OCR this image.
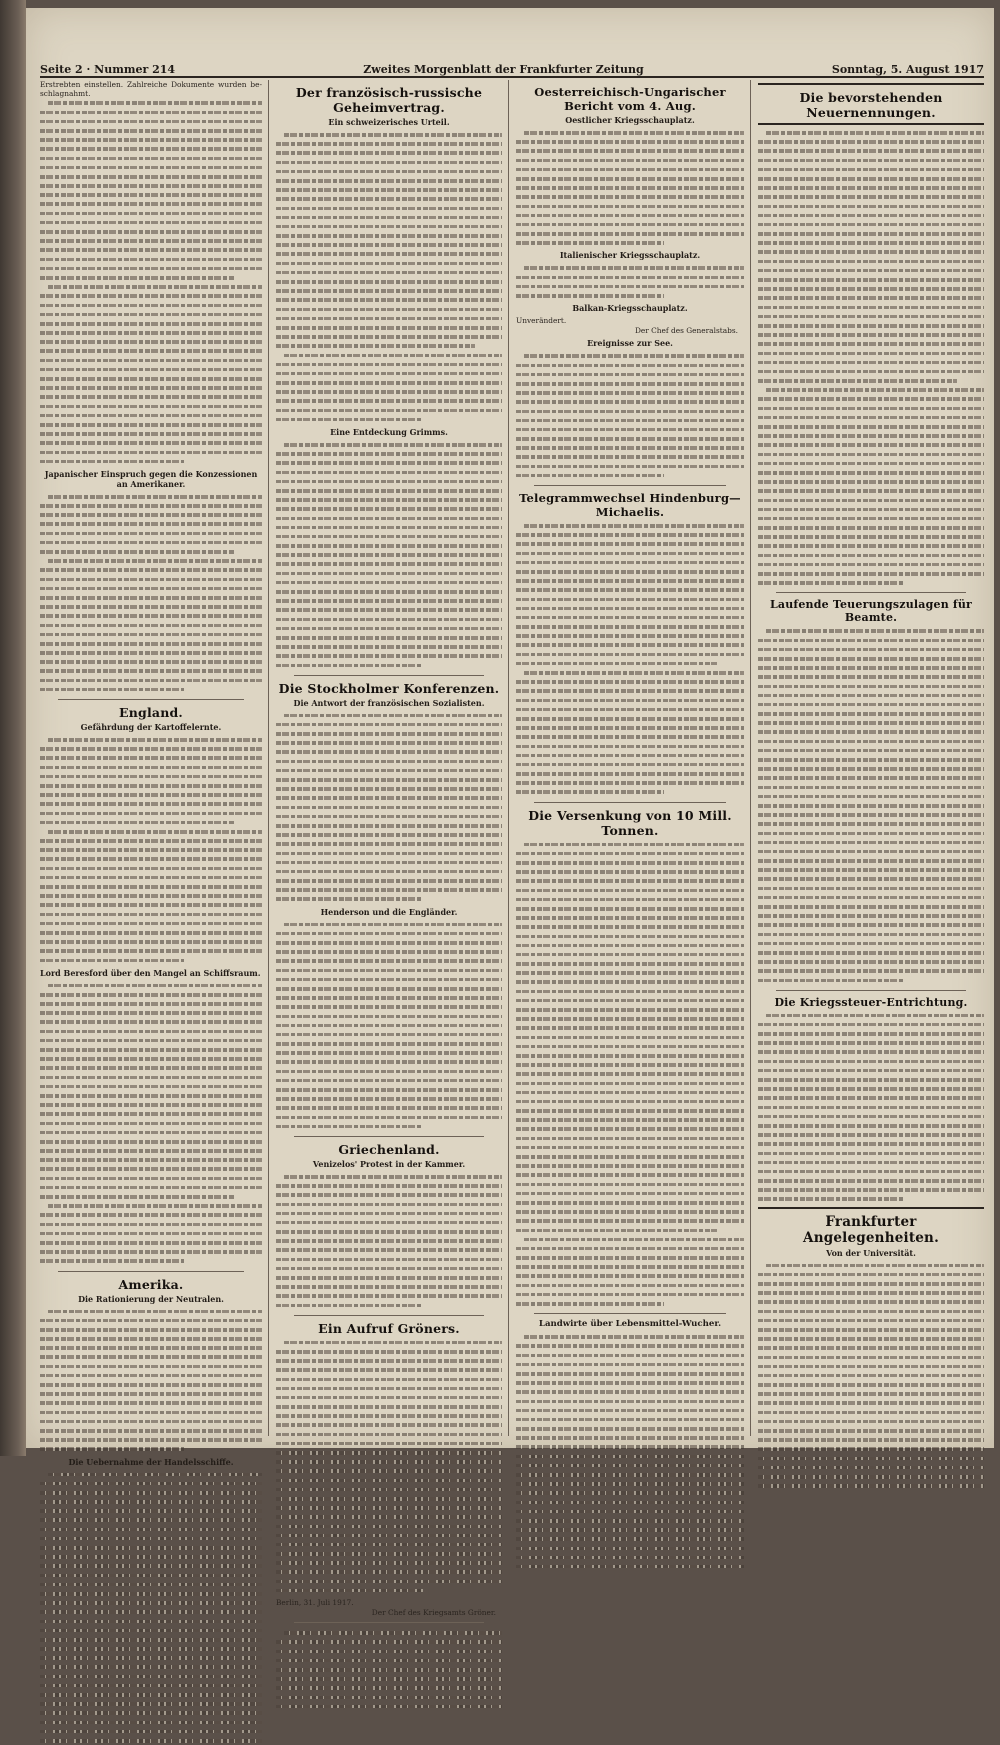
Seite 2 · Nummer 214	Zweites Morgenblatt der Frankfurter Zeitung	Sonntag, 5. August 1917
Erstrebten einstellen. Zahlreiche Dokumente wurden be-schlagnahmt.
Japanischer Einspruch gegen die Konzessionen an Amerikaner.
England.
Gefährdung der Kartoffelernte.
Lord Beresford über den Mangel an Schiffsraum.
Amerika.
Die Rationierung der Neutralen.
Die Uebernahme der Handelsschiffe.
Der französisch-russische Geheimvertrag.
Ein schweizerisches Urteil.
Eine Entdeckung Grimms.
Die Stockholmer Konferenzen.
Die Antwort der französischen Sozialisten.
Henderson und die Engländer.
Griechenland.
Venizelos' Protest in der Kammer.
Ein Aufruf Gröners.
Berlin, 31. Juli 1917.
Der Chef des Kriegsamts Gröner.
Oesterreichisch-Ungarischer Bericht vom 4. Aug.
Oestlicher Kriegsschauplatz.
Italienischer Kriegsschauplatz.
Balkan-Kriegsschauplatz.
Unverändert.
Der Chef des Generalstabs.
Ereignisse zur See.
Telegrammwechsel Hindenburg—Michaelis.
Die Versenkung von 10 Mill. Tonnen.
Landwirte über Lebensmittel-Wucher.
Die bevorstehenden Neuernennungen.
Laufende Teuerungszulagen für Beamte.
Die Kriegssteuer-Entrichtung.
Frankfurter Angelegenheiten.
Von der Universität.
